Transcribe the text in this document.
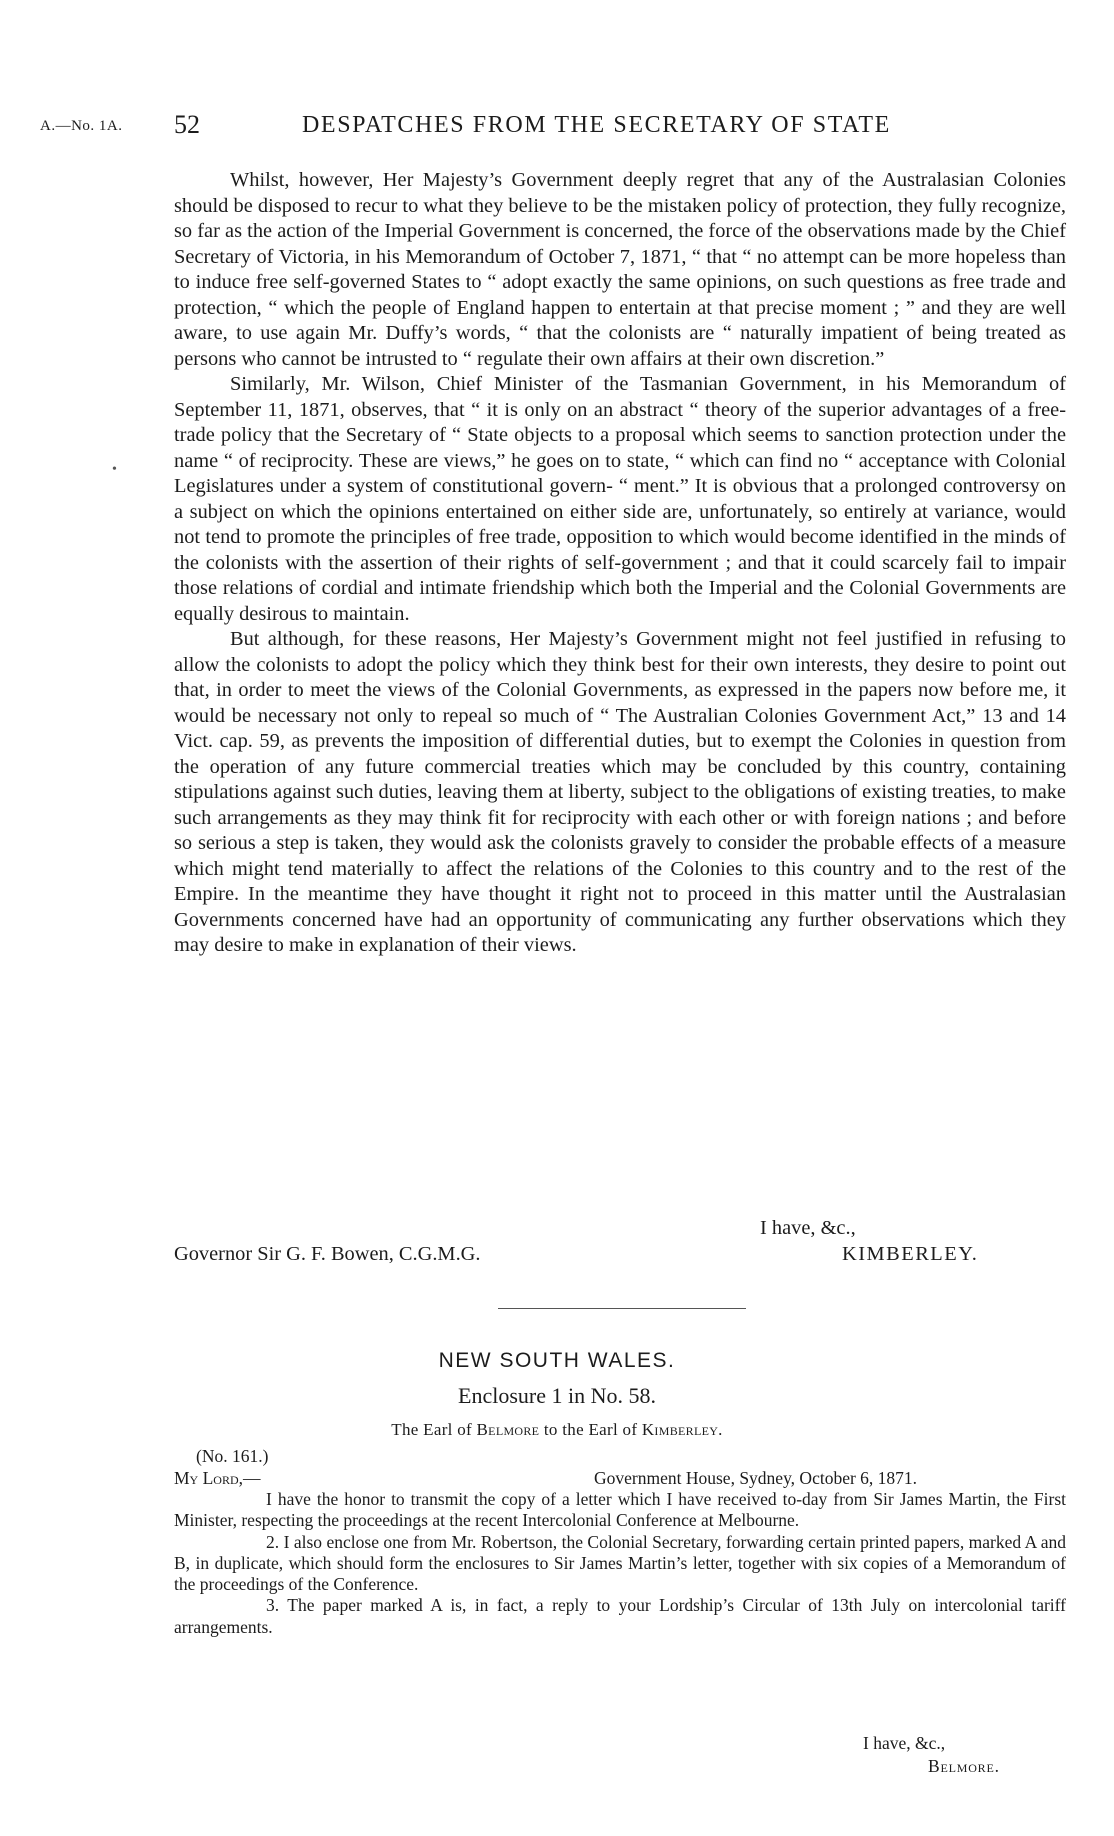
A.—No. 1A. 52	DESPATCHES FROM THE SECRETARY OF STATE
•

Whilst, however, Her Majesty’s Government deeply regret that any of the Australasian Colonies should be disposed to recur to what they believe to be the mistaken policy of protection, they fully recognize, so far as the action of the Imperial Government is concerned, the force of the observations made by the Chief Secretary of Victoria, in his Memorandum of October 7, 1871, “ that “ no attempt can be more hopeless than to induce free self-governed States to “ adopt exactly the same opinions, on such questions as free trade and protection, “ which the people of England happen to entertain at that precise moment ; ” and they are well aware, to use again Mr. Duffy’s words, “ that the colonists are “ naturally impatient of being treated as persons who cannot be intrusted to “ regulate their own affairs at their own discretion.”

Similarly, Mr. Wilson, Chief Minister of the Tasmanian Government, in his Memorandum of September 11, 1871, observes, that “ it is only on an abstract “ theory of the superior advantages of a free-trade policy that the Secretary of “ State objects to a proposal which seems to sanction protection under the name “ of reciprocity. These are views,” he goes on to state, “ which can find no “ acceptance with Colonial Legislatures under a system of constitutional govern- “ ment.” It is obvious that a prolonged controversy on a subject on which the opinions entertained on either side are, unfortunately, so entirely at variance, would not tend to promote the principles of free trade, opposition to which would become identified in the minds of the colonists with the assertion of their rights of self-government ; and that it could scarcely fail to impair those relations of cordial and intimate friendship which both the Imperial and the Colonial Governments are equally desirous to maintain.

But although, for these reasons, Her Majesty’s Government might not feel justified in refusing to allow the colonists to adopt the policy which they think best for their own interests, they desire to point out that, in order to meet the views of the Colonial Governments, as expressed in the papers now before me, it would be necessary not only to repeal so much of “ The Australian Colonies Government Act,” 13 and 14 Vict. cap. 59, as prevents the imposition of differential duties, but to exempt the Colonies in question from the operation of any future commercial treaties which may be concluded by this country, containing stipulations against such duties, leaving them at liberty, subject to the obligations of existing treaties, to make such arrangements as they may think fit for reciprocity with each other or with foreign nations ; and before so serious a step is taken, they would ask the colonists gravely to consider the probable effects of a measure which might tend materially to affect the relations of the Colonies to this country and to the rest of the Empire. In the meantime they have thought it right not to proceed in this matter until the Australasian Governments concerned have had an opportunity of communicating any further observations which they may desire to make in explanation of their views.

I have, &c.,
Governor Sir G. F. Bowen, C.G.M.G.	KIMBERLEY.
NEW SOUTH WALES.
Enclosure 1 in No. 58.
The Earl of Belmore to the Earl of Kimberley.
(No. 161.)
My Lord,—	Government House, Sydney, October 6, 1871.

I have the honor to transmit the copy of a letter which I have received to-day from Sir James Martin, the First Minister, respecting the proceedings at the recent Intercolonial Conference at Melbourne.

2. I also enclose one from Mr. Robertson, the Colonial Secretary, forwarding certain printed papers, marked A and B, in duplicate, which should form the enclosures to Sir James Martin’s letter, together with six copies of a Memorandum of the proceedings of the Conference.

3. The paper marked A is, in fact, a reply to your Lordship’s Circular of 13th July on intercolonial tariff arrangements.

I have, &c.,
Belmore.
